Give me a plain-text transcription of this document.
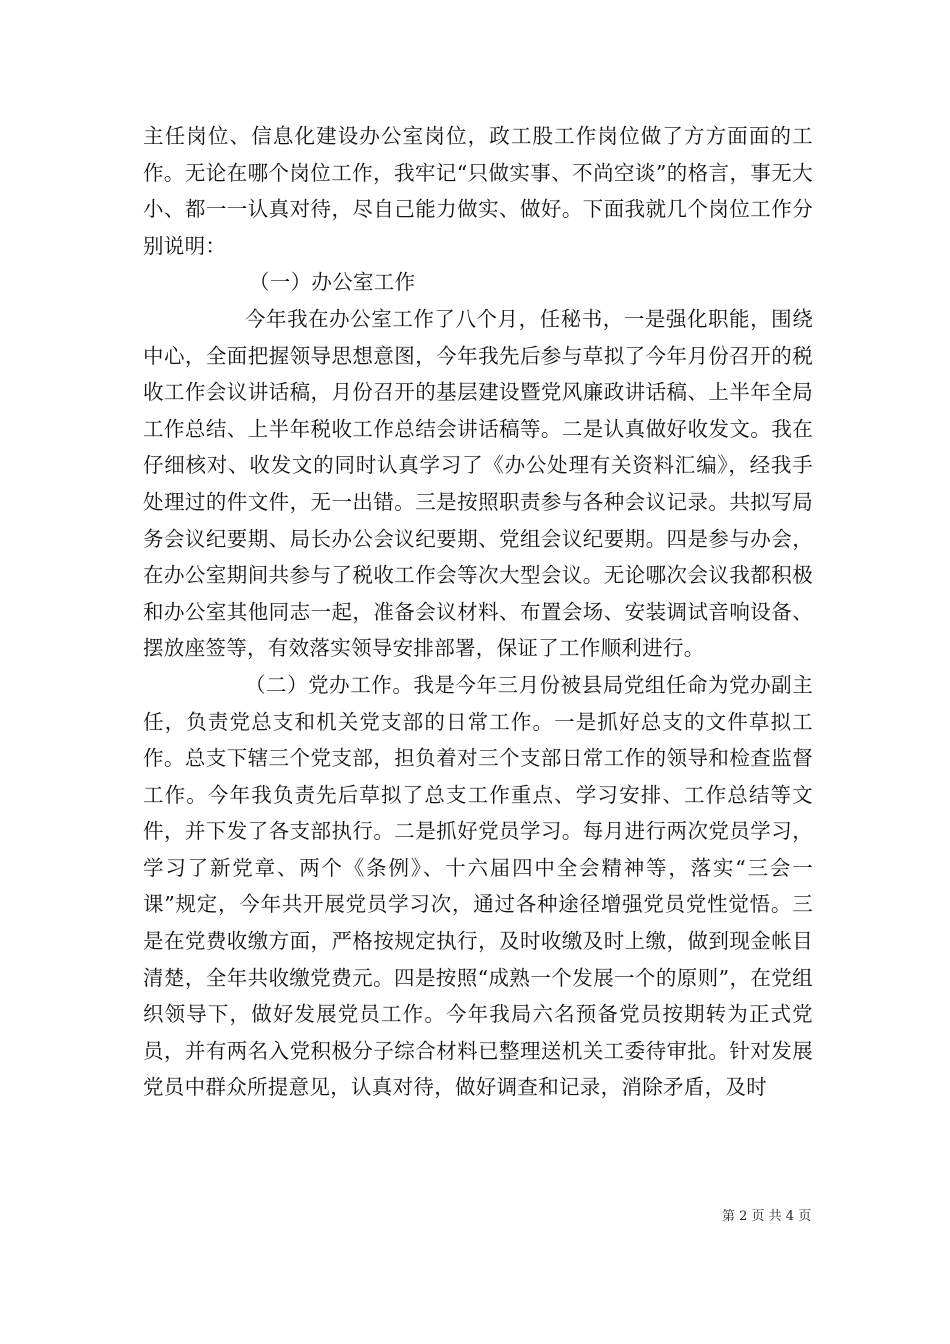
主任岗位、信息化建设办公室岗位，政工股工作岗位做了方方面面的工作。无论在哪个岗位工作，我牢记“只做实事、不尚空谈”的格言，事无大小、都一一认真对待，尽自己能力做实、做好。下面我就几个岗位工作分别说明：

（一）办公室工作

今年我在办公室工作了八个月，任秘书，一是强化职能，围绕中心，全面把握领导思想意图，今年我先后参与草拟了今年月份召开的税收工作会议讲话稿，月份召开的基层建设暨党风廉政讲话稿、上半年全局工作总结、上半年税收工作总结会讲话稿等。二是认真做好收发文。我在仔细核对、收发文的同时认真学习了《办公处理有关资料汇编》，经我手处理过的件文件，无一出错。三是按照职责参与各种会议记录。共拟写局务会议纪要期、局长办公会议纪要期、党组会议纪要期。四是参与办会，在办公室期间共参与了税收工作会等次大型会议。无论哪次会议我都积极和办公室其他同志一起，准备会议材料、布置会场、安装调试音响设备、摆放座签等，有效落实领导安排部署，保证了工作顺利进行。

（二）党办工作。我是今年三月份被县局党组任命为党办副主任，负责党总支和机关党支部的日常工作。一是抓好总支的文件草拟工作。总支下辖三个党支部，担负着对三个支部日常工作的领导和检查监督工作。今年我负责先后草拟了总支工作重点、学习安排、工作总结等文件，并下发了各支部执行。二是抓好党员学习。每月进行两次党员学习，学习了新党章、两个《条例》、十六届四中全会精神等，落实“三会一课”规定，今年共开展党员学习次，通过各种途径增强党员党性觉悟。三是在党费收缴方面，严格按规定执行，及时收缴及时上缴，做到现金帐目清楚，全年共收缴党费元。四是按照“成熟一个发展一个的原则”，在党组织领导下，做好发展党员工作。今年我局六名预备党员按期转为正式党员，并有两名入党积极分子综合材料已整理送机关工委待审批。针对发展党员中群众所提意见，认真对待，做好调查和记录，消除矛盾，及时

第 2 页 共 4 页
